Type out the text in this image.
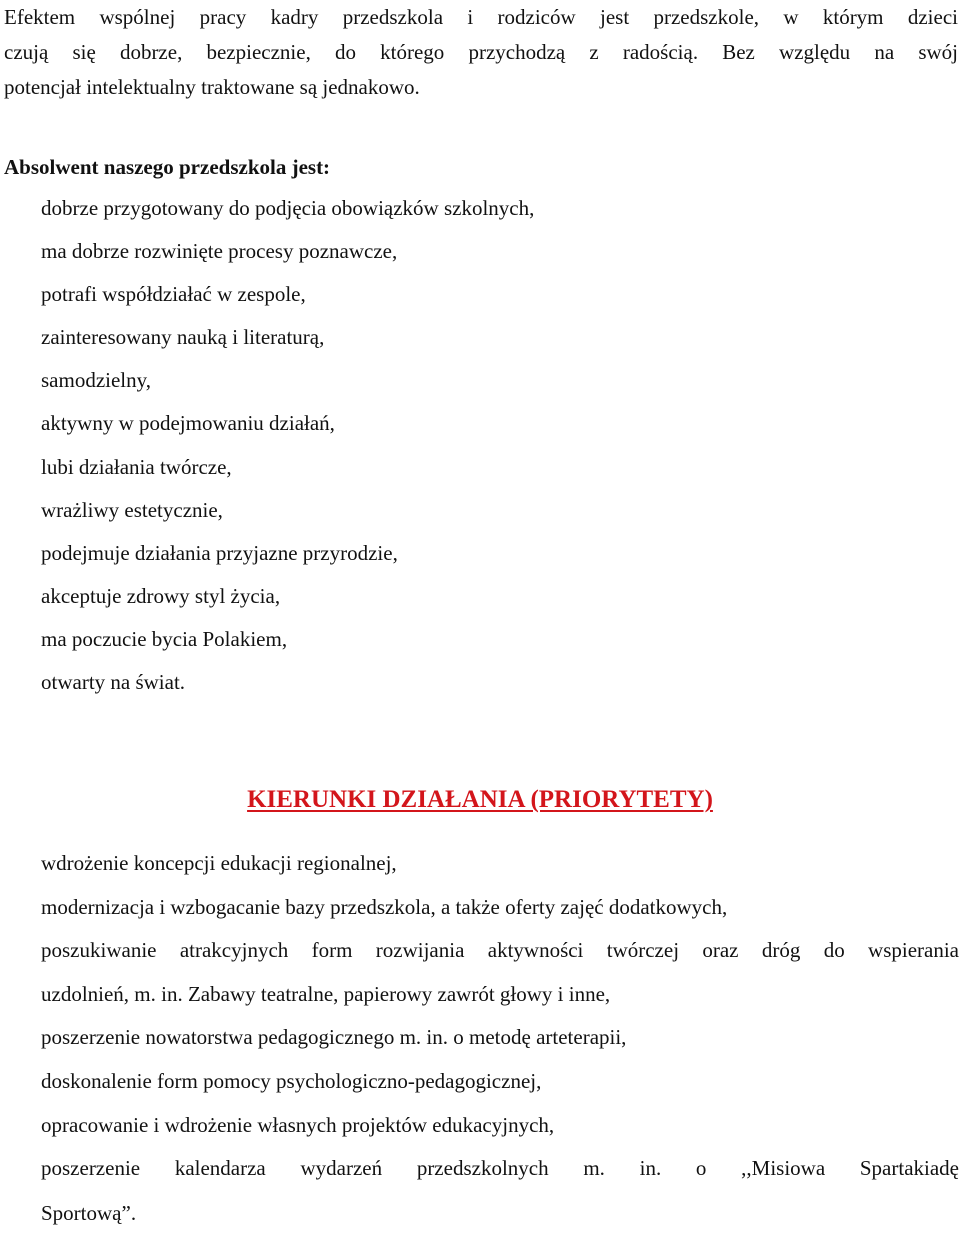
Efektem wspólnej pracy kadry przedszkola i rodziców jest przedszkole, w którym dzieci
czują się dobrze, bezpiecznie, do którego przychodzą z radością. Bez względu na swój
potencjał intelektualny traktowane są jednakowo.

Absolwent naszego przedszkola jest:

dobrze przygotowany do podjęcia obowiązków szkolnych,
ma dobrze rozwinięte procesy poznawcze,
potrafi współdziałać w zespole,
zainteresowany nauką i literaturą,
samodzielny,
aktywny w podejmowaniu działań,
lubi działania twórcze,
wrażliwy estetycznie,
podejmuje działania przyjazne przyrodzie,
akceptuje zdrowy styl życia,
ma poczucie bycia Polakiem,
otwarty na świat.
KIERUNKI DZIAŁANIA (PRIORYTETY)
wdrożenie koncepcji edukacji regionalnej,
modernizacja i wzbogacanie bazy przedszkola, a także oferty zajęć dodatkowych,
poszukiwanie atrakcyjnych form rozwijania aktywności twórczej oraz dróg do wspierania
uzdolnień, m. in. Zabawy teatralne, papierowy zawrót głowy i inne,
poszerzenie nowatorstwa pedagogicznego m. in. o metodę arteterapii,
doskonalenie form pomocy psychologiczno-pedagogicznej,
opracowanie i wdrożenie własnych projektów edukacyjnych,
poszerzenie kalendarza wydarzeń przedszkolnych m. in. o ,,Misiowa Spartakiadę

Sportową”.
